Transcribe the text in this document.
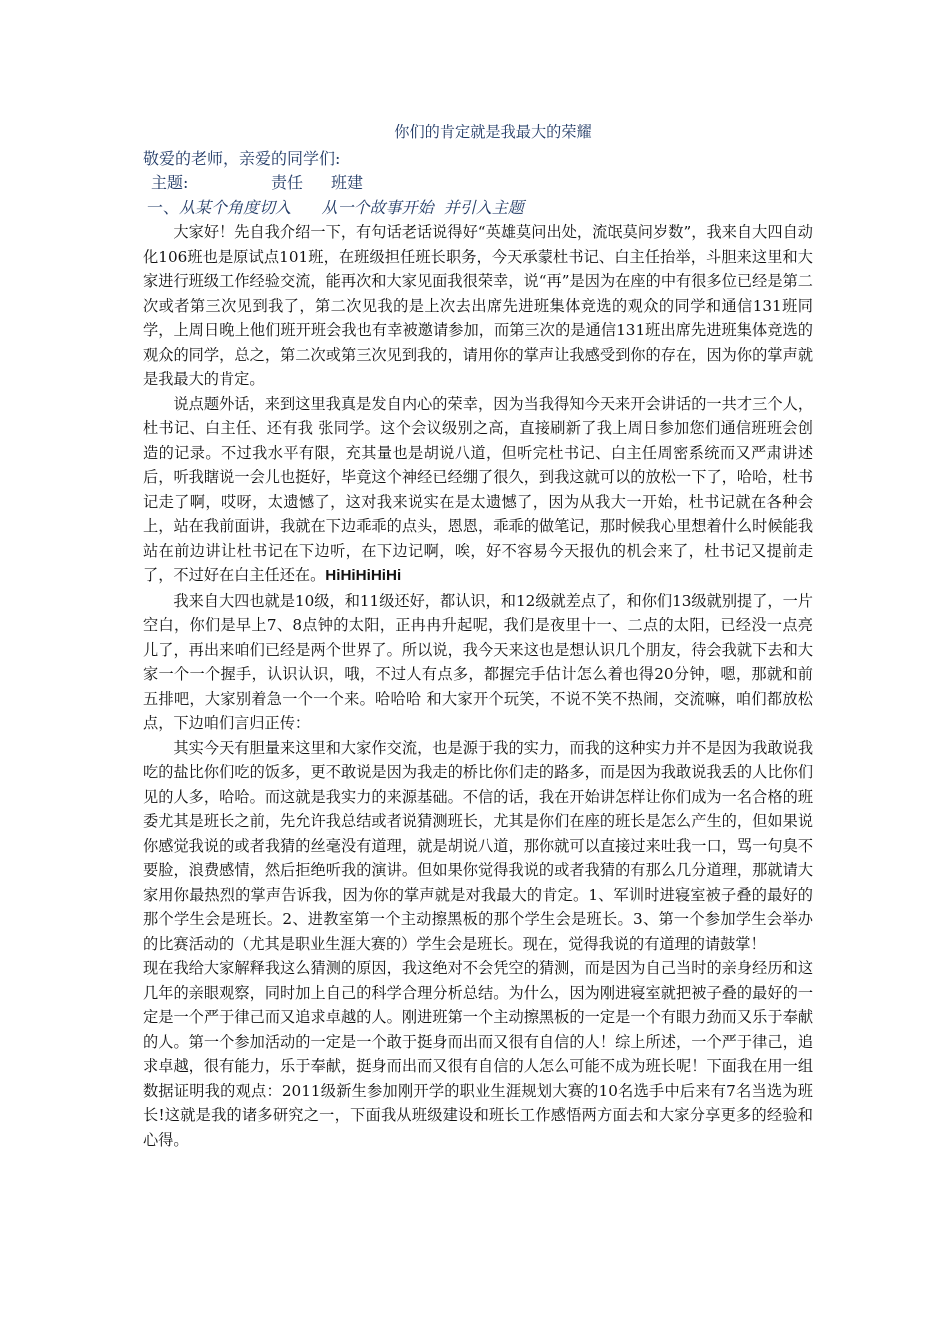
你们的肯定就是我最大的荣耀

敬爱的老师，亲爱的同学们:

主题:	责任 班建

一、从某个角度切入      从一个故事开始  并引入主题

大家好！先自我介绍一下，有句话老话说得好“英雄莫问出处，流氓莫问岁数”，我来自大四自动化106班也是原试点101班，在班级担任班长职务，今天承蒙杜书记、白主任抬举，斗胆来这里和大家进行班级工作经验交流，能再次和大家见面我很荣幸，说“再”是因为在座的中有很多位已经是第二次或者第三次见到我了，第二次见我的是上次去出席先进班集体竞选的观众的同学和通信131班同学，上周日晚上他们班开班会我也有幸被邀请参加，而第三次的是通信131班出席先进班集体竞选的观众的同学，总之，第二次或第三次见到我的，请用你的掌声让我感受到你的存在，因为你的掌声就是我最大的肯定。

说点题外话，来到这里我真是发自内心的荣幸，因为当我得知今天来开会讲话的一共才三个人，杜书记、白主任、还有我 张同学。这个会议级别之高，直接刷新了我上周日参加您们通信班班会创造的记录。不过我水平有限，充其量也是胡说八道，但听完杜书记、白主任周密系统而又严肃讲述后，听我瞎说一会儿也挺好，毕竟这个神经已经绷了很久，到我这就可以的放松一下了，哈哈，杜书记走了啊，哎呀，太遗憾了，这对我来说实在是太遗憾了，因为从我大一开始，杜书记就在各种会上，站在我前面讲，我就在下边乖乖的点头，恩恩，乖乖的做笔记，那时候我心里想着什么时候能我站在前边讲让杜书记在下边听，在下边记啊，唉，好不容易今天报仇的机会来了，杜书记又提前走了，不过好在白主任还在。HiHiHiHiHi

我来自大四也就是10级，和11级还好，都认识，和12级就差点了，和你们13级就别提了，一片空白，你们是早上7、8点钟的太阳，正冉冉升起呢，我们是夜里十一、二点的太阳，已经没一点亮儿了，再出来咱们已经是两个世界了。所以说，我今天来这也是想认识几个朋友，待会我就下去和大家一个一个握手，认识认识，哦，不过人有点多，都握完手估计怎么着也得20分钟，嗯，那就和前五排吧，大家别着急一个一个来。哈哈哈 和大家开个玩笑，不说不笑不热闹，交流嘛，咱们都放松点，下边咱们言归正传：

其实今天有胆量来这里和大家作交流，也是源于我的实力，而我的这种实力并不是因为我敢说我吃的盐比你们吃的饭多，更不敢说是因为我走的桥比你们走的路多，而是因为我敢说我丢的人比你们见的人多，哈哈。而这就是我实力的来源基础。不信的话，我在开始讲怎样让你们成为一名合格的班委尤其是班长之前，先允许我总结或者说猜测班长，尤其是你们在座的班长是怎么产生的，但如果说你感觉我说的或者我猜的丝毫没有道理，就是胡说八道，那你就可以直接过来吐我一口，骂一句臭不要脸，浪费感情，然后拒绝听我的演讲。但如果你觉得我说的或者我猜的有那么几分道理，那就请大家用你最热烈的掌声告诉我，因为你的掌声就是对我最大的肯定。1、军训时进寝室被子叠的最好的那个学生会是班长。2、进教室第一个主动擦黑板的那个学生会是班长。3、第一个参加学生会举办的比赛活动的（尤其是职业生涯大赛的）学生会是班长。现在，觉得我说的有道理的请鼓掌！

现在我给大家解释我这么猜测的原因，我这绝对不会凭空的猜测，而是因为自己当时的亲身经历和这几年的亲眼观察，同时加上自己的科学合理分析总结。为什么，因为刚进寝室就把被子叠的最好的一定是一个严于律己而又追求卓越的人。刚进班第一个主动擦黑板的一定是一个有眼力劲而又乐于奉献的人。第一个参加活动的一定是一个敢于挺身而出而又很有自信的人！综上所述，一个严于律己，追求卓越，很有能力，乐于奉献，挺身而出而又很有自信的人怎么可能不成为班长呢！下面我在用一组数据证明我的观点：2011级新生参加刚开学的职业生涯规划大赛的10名选手中后来有7名当选为班长!这就是我的诸多研究之一，下面我从班级建设和班长工作感悟两方面去和大家分享更多的经验和心得。
